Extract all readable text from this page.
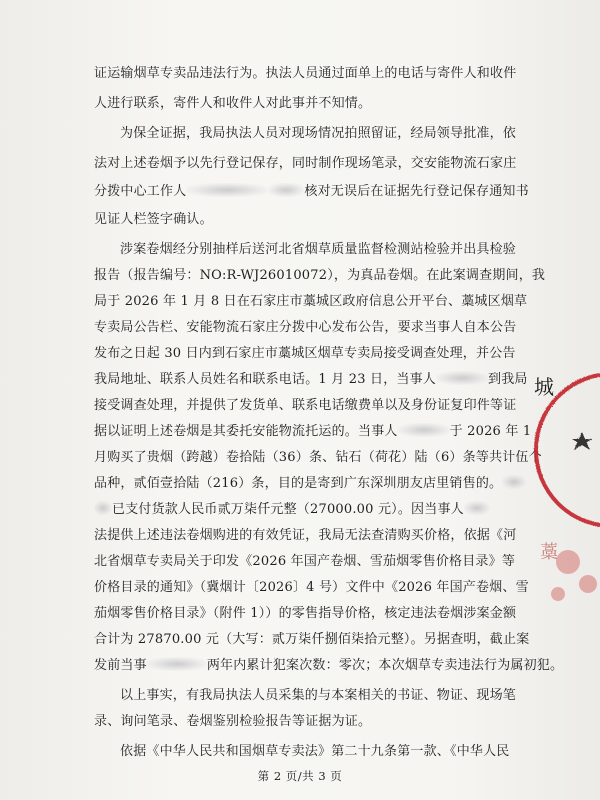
证运输烟草专卖品违法行为。执法人员通过面单上的电话与寄件人和收件
人进行联系，寄件人和收件人对此事并不知情。
为保全证据，我局执法人员对现场情况拍照留证，经局领导批准，依
法对上述卷烟予以先行登记保存，同时制作现场笔录，交安能物流石家庄
分拨中心工作人	核对无误后在证据先行登记保存通知书
见证人栏签字确认。
涉案卷烟经分别抽样后送河北省烟草质量监督检测站检验并出具检验
报告（报告编号：NO:R-WJ26010072），为真品卷烟。在此案调查期间，我
局于 2026 年 1 月 8 日在石家庄市藁城区政府信息公开平台、藁城区烟草
专卖局公告栏、安能物流石家庄分拨中心发布公告，要求当事人自本公告
发布之日起 30 日内到石家庄市藁城区烟草专卖局接受调查处理，并公告
我局地址、联系人员姓名和联系电话。1 月 23 日，当事人	到我局
接受调查处理，并提供了发货单、联系电话缴费单以及身份证复印件等证
据以证明上述卷烟是其委托安能物流托运的。当事人	于 2026 年 1
月购买了贵烟（跨越）卷拾陆（36）条、钻石（荷花）陆（6）条等共计伍个
品种，贰佰壹拾陆（216）条，目的是寄到广东深圳朋友店里销售的。
已支付货款人民币贰万柒仟元整（27000.00 元）。因当事人
法提供上述违法卷烟购进的有效凭证，我局无法查清购买价格，依据《河
北省烟草专卖局关于印发《2026 年国产卷烟、雪茄烟零售价格目录》等
价格目录的通知》（冀烟计〔2026〕4 号）文件中《2026 年国产卷烟、雪
茄烟零售价格目录》（附件 1））的零售指导价格，核定违法卷烟涉案金额
合计为 27870.00 元（大写：贰万柒仟捌佰柒拾元整）。另据查明，截止案
发前当事	两年内累计犯案次数：零次；本次烟草专卖违法行为属初犯。
以上事实，有我局执法人员采集的与本案相关的书证、物证、现场笔
录、询问笔录、卷烟鉴别检验报告等证据为证。
依据《中华人民共和国烟草专卖法》第二十九条第一款、《中华人民
第 2 页/共 3 页
城
藁
